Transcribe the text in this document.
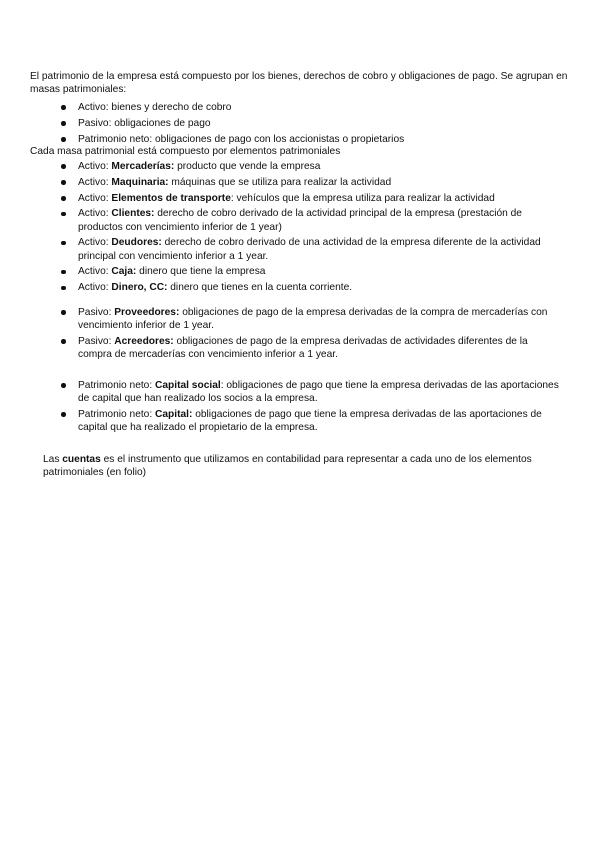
El patrimonio de la empresa está compuesto por los bienes, derechos de cobro y obligaciones de pago. Se agrupan en masas patrimoniales:

Activo: bienes y derecho de cobro
Pasivo: obligaciones de pago
Patrimonio neto: obligaciones de pago con los accionistas o propietarios

Cada masa patrimonial está compuesto por elementos patrimoniales

Activo: Mercaderías: producto que vende la empresa
Activo: Maquinaria: máquinas que se utiliza para realizar la actividad
Activo: Elementos de transporte: vehículos que la empresa utiliza para realizar la actividad
Activo: Clientes: derecho de cobro derivado de la actividad principal de la empresa (prestación de productos con vencimiento inferior de 1 year)
Activo: Deudores: derecho de cobro derivado de una actividad de la empresa diferente de la actividad principal con vencimiento inferior a 1 year.
Activo: Caja: dinero que tiene la empresa
Activo: Dinero, CC: dinero que tienes en la cuenta corriente.
Pasivo: Proveedores: obligaciones de pago de la empresa derivadas de la compra de mercaderías con vencimiento inferior de 1 year.
Pasivo: Acreedores: obligaciones de pago de la empresa derivadas de actividades diferentes de la compra de mercaderías con vencimiento inferior a 1 year.
Patrimonio neto: Capital social: obligaciones de pago que tiene la empresa derivadas de las aportaciones de capital que han realizado los socios a la empresa.
Patrimonio neto: Capital: obligaciones de pago que tiene la empresa derivadas de las aportaciones de capital que ha realizado el propietario de la empresa.

Las cuentas es el instrumento que utilizamos en contabilidad para representar a cada uno de los elementos patrimoniales (en folio)
